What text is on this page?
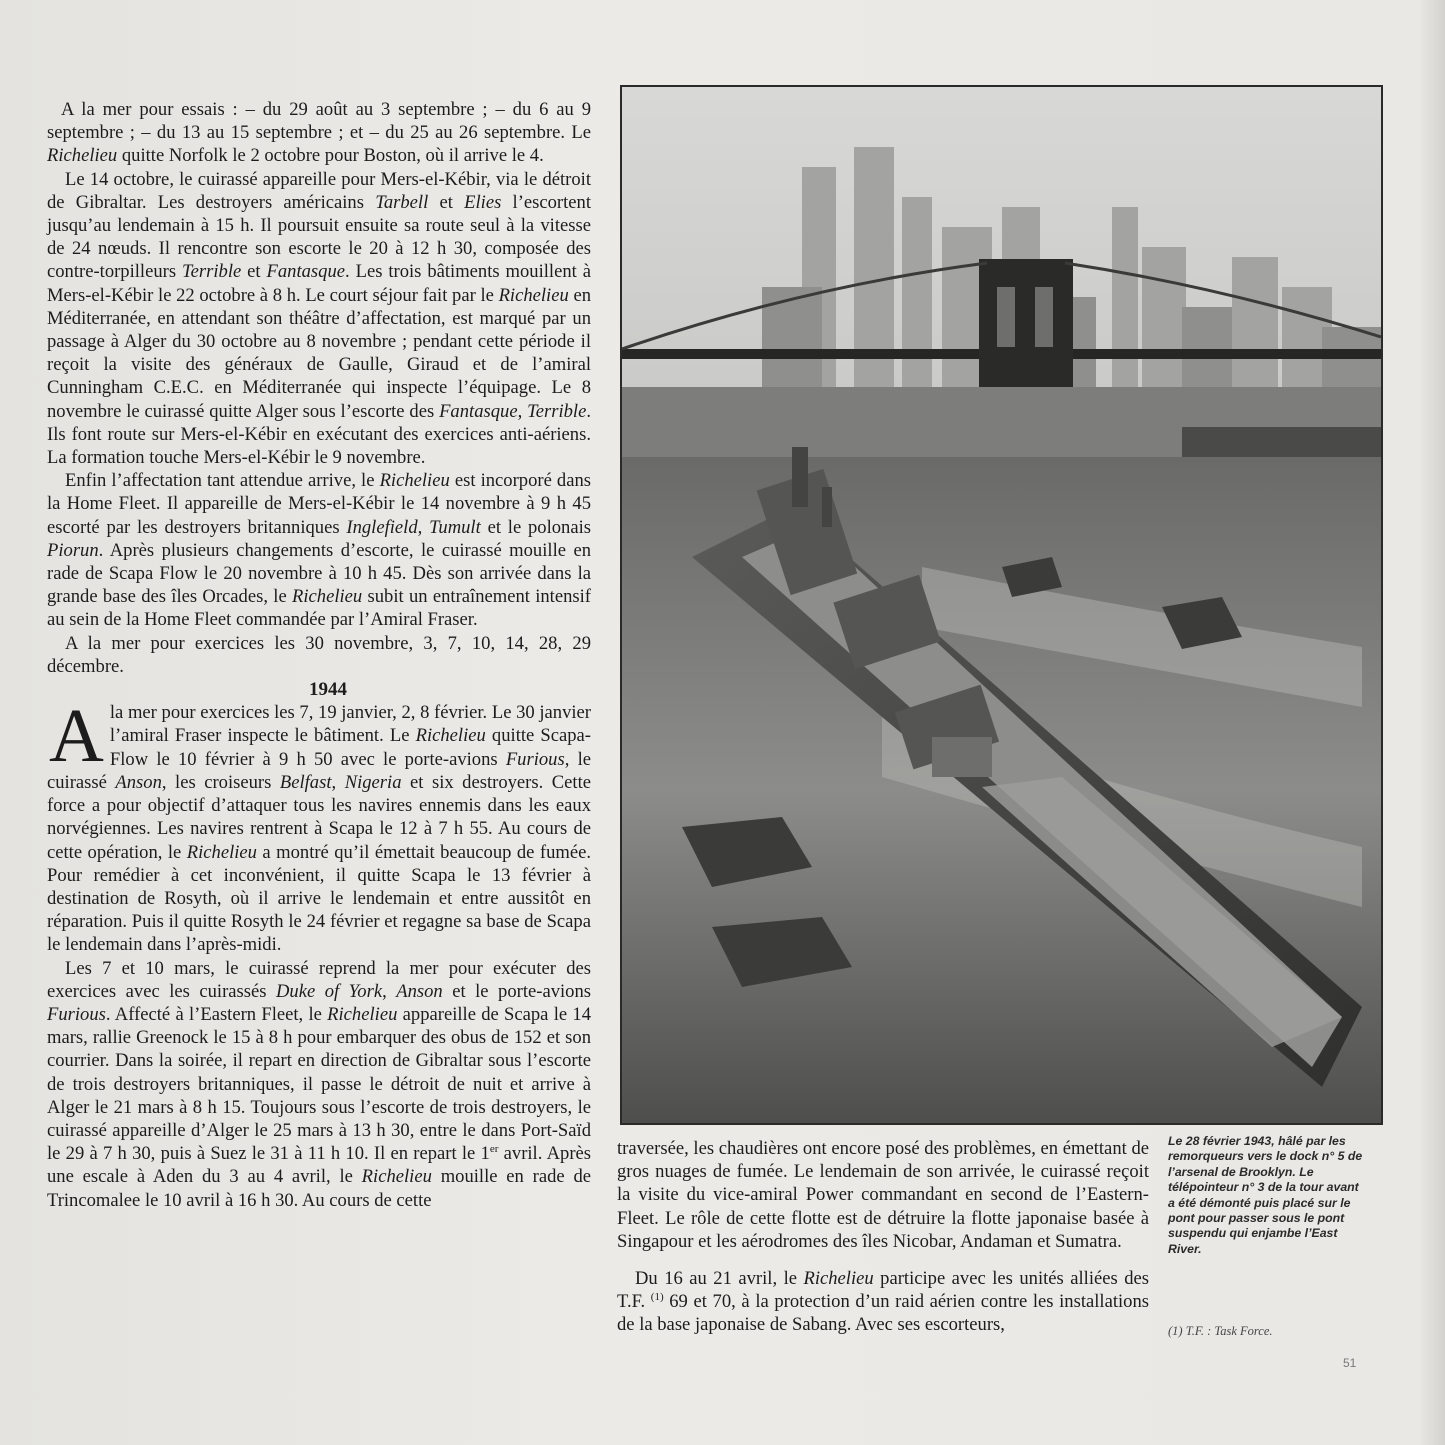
A la mer pour essais : – du 29 août au 3 septembre ; – du 6 au 9 septembre ; – du 13 au 15 septembre ; et – du 25 au 26 septembre. Le Richelieu quitte Norfolk le 2 octobre pour Boston, où il arrive le 4.

Le 14 octobre, le cuirassé appareille pour Mers-el-Kébir, via le détroit de Gibraltar. Les destroyers américains Tarbell et Elies l’escortent jusqu’au lendemain à 15 h. Il poursuit ensuite sa route seul à la vitesse de 24 nœuds. Il rencontre son escorte le 20 à 12 h 30, composée des contre-torpilleurs Terrible et Fantasque. Les trois bâtiments mouillent à Mers-el-Kébir le 22 octobre à 8 h. Le court séjour fait par le Richelieu en Méditerranée, en attendant son théâtre d’affectation, est marqué par un passage à Alger du 30 octobre au 8 novembre ; pendant cette période il reçoit la visite des généraux de Gaulle, Giraud et de l’amiral Cunningham C.E.C. en Méditerranée qui inspecte l’équipage. Le 8 novembre le cuirassé quitte Alger sous l’escorte des Fantasque, Terrible. Ils font route sur Mers-el-Kébir en exécutant des exercices anti-aériens. La formation touche Mers-el-Kébir le 9 novembre.

Enfin l’affectation tant attendue arrive, le Richelieu est incorporé dans la Home Fleet. Il appareille de Mers-el-Kébir le 14 novembre à 9 h 45 escorté par les destroyers britanniques Inglefield, Tumult et le polonais Piorun. Après plusieurs changements d’escorte, le cuirassé mouille en rade de Scapa Flow le 20 novembre à 10 h 45. Dès son arrivée dans la grande base des îles Orcades, le Richelieu subit un entraînement intensif au sein de la Home Fleet commandée par l’Amiral Fraser.

A la mer pour exercices les 30 novembre, 3, 7, 10, 14, 28, 29 décembre.

1944

Ala mer pour exercices les 7, 19 janvier, 2, 8 février. Le 30 janvier l’amiral Fraser inspecte le bâtiment. Le Richelieu quitte Scapa-Flow le 10 février à 9 h 50 avec le porte-avions Furious, le cuirassé Anson, les croiseurs Belfast, Nigeria et six destroyers. Cette force a pour objectif d’attaquer tous les navires ennemis dans les eaux norvégiennes. Les navires rentrent à Scapa le 12 à 7 h 55. Au cours de cette opération, le Richelieu a montré qu’il émettait beaucoup de fumée. Pour remédier à cet inconvénient, il quitte Scapa le 13 février à destination de Rosyth, où il arrive le lendemain et entre aussitôt en réparation. Puis il quitte Rosyth le 24 février et regagne sa base de Scapa le lendemain dans l’après-midi.

Les 7 et 10 mars, le cuirassé reprend la mer pour exécuter des exercices avec les cuirassés Duke of York, Anson et le porte-avions Furious. Affecté à l’Eastern Fleet, le Richelieu appareille de Scapa le 14 mars, rallie Greenock le 15 à 8 h pour embarquer des obus de 152 et son courrier. Dans la soirée, il repart en direction de Gibraltar sous l’escorte de trois destroyers britanniques, il passe le détroit de nuit et arrive à Alger le 21 mars à 8 h 15. Toujours sous l’escorte de trois destroyers, le cuirassé appareille d’Alger le 25 mars à 13 h 30, entre le dans Port-Saïd le 29 à 7 h 30, puis à Suez le 31 à 11 h 10. Il en repart le 1er avril. Après une escale à Aden du 3 au 4 avril, le Richelieu mouille en rade de Trincomalee le 10 avril à 16 h 30. Au cours de cette

traversée, les chaudières ont encore posé des problèmes, en émettant de gros nuages de fumée. Le lendemain de son arrivée, le cuirassé reçoit la visite du vice-amiral Power commandant en second de l’Eastern-Fleet. Le rôle de cette flotte est de détruire la flotte japonaise basée à Singapour et les aérodromes des îles Nicobar, Andaman et Sumatra.

Du 16 au 21 avril, le Richelieu participe avec les unités alliées des T.F. $^{(1)}$ 69 et 70, à la protection d’un raid aérien contre les installations de la base japonaise de Sabang. Avec ses escorteurs,

Le 28 février 1943, hâlé par les remorqueurs vers le dock n° 5 de l’arsenal de Brooklyn. Le télépointeur n° 3 de la tour avant a été démonté puis placé sur le pont pour passer sous le pont suspendu qui enjambe l’East River.
(1) T.F. : Task Force.
51
